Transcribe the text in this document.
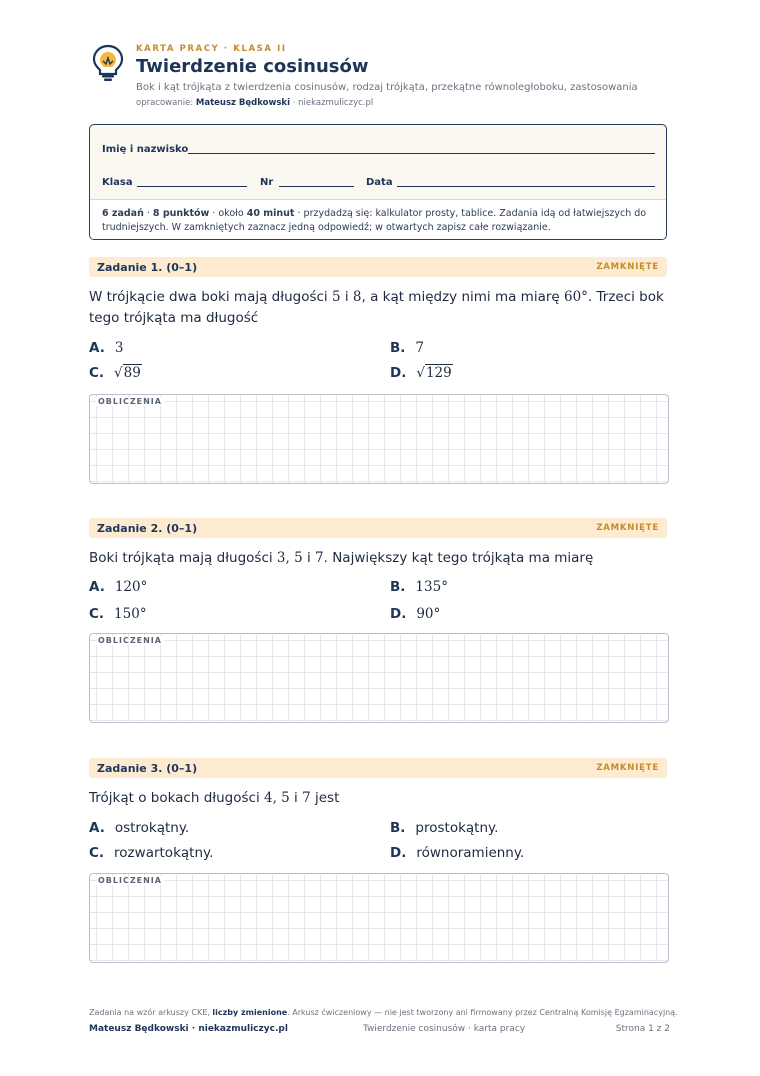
KARTA PRACY · KLASA II
Twierdzenie cosinusów
Bok i kąt trójkąta z twierdzenia cosinusów, rodzaj trójkąta, przekątne równoległoboku, zastosowania
opracowanie: Mateusz Będkowski · niekazmuliczyc.pl
Imię i nazwisko
Klasa	Nr	Data
6 zadań · 8 punktów · około 40 minut · przydadzą się: kalkulator prosty, tablice. Zadania idą od łatwiejszych do trudniejszych. W zamkniętych zaznacz jedną odpowiedź; w otwartych zapisz całe rozwiązanie.
Zadanie 1. (0–1)	ZAMKNIĘTE
W trójkącie dwa boki mają długości 5 i 8, a kąt między nimi ma miarę 60°. Trzeci bok tego trójkąta ma długość
A. 3	B. 7
C. √89	D. √129
OBLICZENIA
Zadanie 2. (0–1)	ZAMKNIĘTE
Boki trójkąta mają długości 3, 5 i 7. Największy kąt tego trójkąta ma miarę
A. 120°	B. 135°
C. 150°	D. 90°
OBLICZENIA
Zadanie 3. (0–1)	ZAMKNIĘTE
Trójkąt o bokach długości 4, 5 i 7 jest
A. ostrokątny.	B. prostokątny.
C. rozwartokątny.	D. równoramienny.
OBLICZENIA
Zadania na wzór arkuszy CKE, liczby zmienione. Arkusz ćwiczeniowy — nie jest tworzony ani firmowany przez Centralną Komisję Egzaminacyjną.
Mateusz Będkowski · niekazmuliczyc.pl	Twierdzenie cosinusów · karta pracy	Strona 1 z 2
